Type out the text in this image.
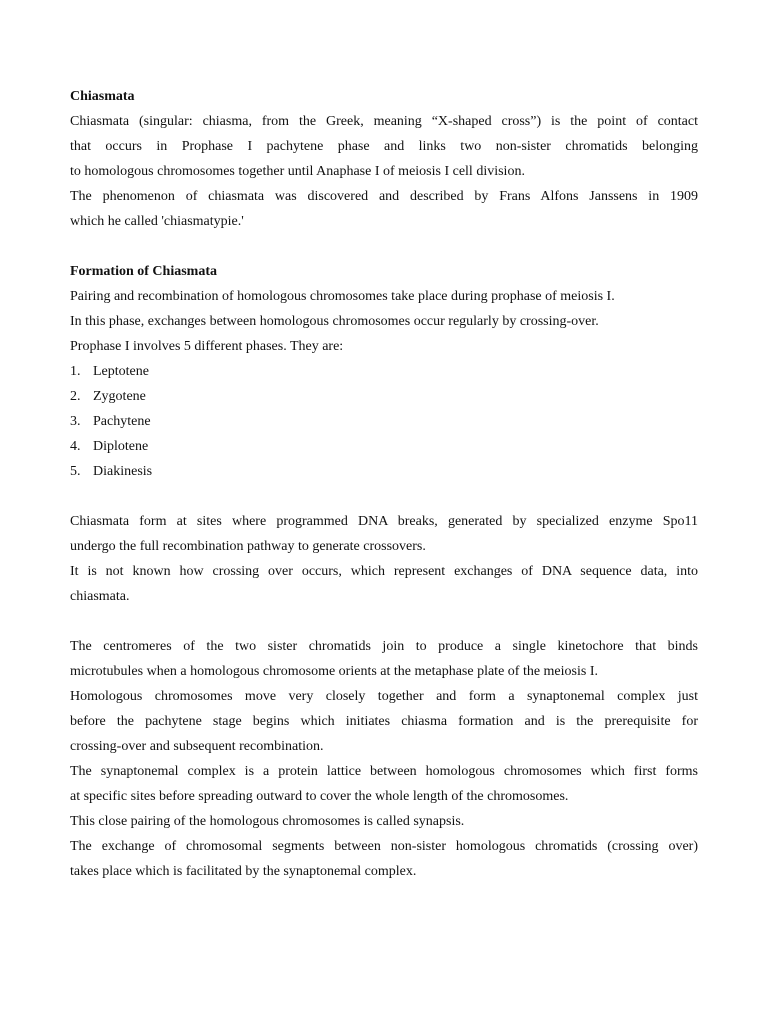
Chiasmata

Chiasmata (singular: chiasma, from the Greek, meaning “X-shaped cross”) is the point of contact

that occurs in Prophase I pachytene phase and links two non-sister chromatids belonging

to homologous chromosomes together until Anaphase I of meiosis I cell division.

The phenomenon of chiasmata was discovered and described by Frans Alfons Janssens in 1909

which he called 'chiasmatypie.'

Formation of Chiasmata

Pairing and recombination of homologous chromosomes take place during prophase of meiosis I.

In this phase, exchanges between homologous chromosomes occur regularly by crossing-over.

Prophase I involves 5 different phases. They are:

1. Leptotene
2. Zygotene
3. Pachytene
4. Diplotene
5. Diakinesis

Chiasmata form at sites where programmed DNA breaks, generated by specialized enzyme Spo11

undergo the full recombination pathway to generate crossovers.

It is not known how crossing over occurs, which represent exchanges of DNA sequence data, into

chiasmata.

The centromeres of the two sister chromatids join to produce a single kinetochore that binds

microtubules when a homologous chromosome orients at the metaphase plate of the meiosis I.

Homologous chromosomes move very closely together and form a synaptonemal complex just

before the pachytene stage begins which initiates chiasma formation and is the prerequisite for

crossing-over and subsequent recombination.

The synaptonemal complex is a protein lattice between homologous chromosomes which first forms

at specific sites before spreading outward to cover the whole length of the chromosomes.

This close pairing of the homologous chromosomes is called synapsis.

The exchange of chromosomal segments between non-sister homologous chromatids (crossing over)

takes place which is facilitated by the synaptonemal complex.
